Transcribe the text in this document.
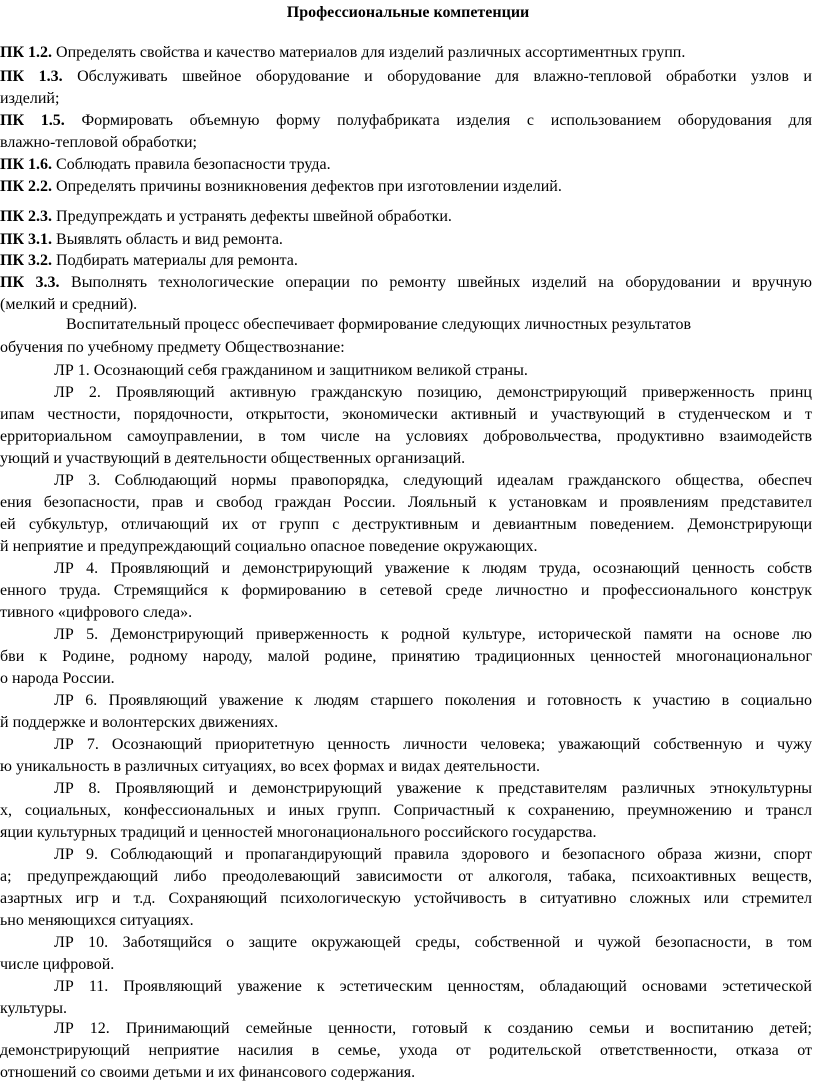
Профессиональные компетенции
ПК 1.2. Определять свойства и качество материалов для изделий различных ассортиментных групп.
ПК 1.3. Обслуживать швейное оборудование и оборудование для влажно-тепловой обработки узлов и
изделий;
ПК 1.5. Формировать объемную форму полуфабриката изделия с использованием оборудования для
влажно-тепловой обработки;
ПК 1.6. Соблюдать правила безопасности труда.
ПК 2.2. Определять причины возникновения дефектов при изготовлении изделий.
ПК 2.3. Предупреждать и устранять дефекты швейной обработки.
ПК 3.1. Выявлять область и вид ремонта.
ПК 3.2. Подбирать материалы для ремонта.
ПК 3.3. Выполнять технологические операции по ремонту швейных изделий на оборудовании и вручную
(мелкий и средний).
Воспитательный процесс обеспечивает формирование следующих личностных результатов
обучения по учебному предмету Обществознание:
ЛР 1. Осознающий себя гражданином и защитником великой страны.
ЛР 2. Проявляющий активную гражданскую позицию, демонстрирующий приверженность принц
ипам честности, порядочности, открытости, экономически активный и участвующий в студенческом и т
ерриториальном самоуправлении, в том числе на условиях добровольчества, продуктивно взаимодейств
ующий и участвующий в деятельности общественных организаций.
ЛР 3. Соблюдающий нормы правопорядка, следующий идеалам гражданского общества, обеспеч
ения безопасности, прав и свобод граждан России. Лояльный к установкам и проявлениям представител
ей субкультур, отличающий их от групп с деструктивным и девиантным поведением. Демонстрирующи
й неприятие и предупреждающий социально опасное поведение окружающих.
ЛР 4. Проявляющий и демонстрирующий уважение к людям труда, осознающий ценность собств
енного труда. Стремящийся к формированию в сетевой среде личностно и профессионального конструк
тивного «цифрового следа».
ЛР 5. Демонстрирующий приверженность к родной культуре, исторической памяти на основе лю
бви к Родине, родному народу, малой родине, принятию традиционных ценностей многонациональног
о народа России.
ЛР 6. Проявляющий уважение к людям старшего поколения и готовность к участию в социально
й поддержке и волонтерских движениях.
ЛР 7. Осознающий приоритетную ценность личности человека; уважающий собственную и чужу
ю уникальность в различных ситуациях, во всех формах и видах деятельности.
ЛР 8. Проявляющий и демонстрирующий уважение к представителям различных этнокультурны
х, социальных, конфессиональных и иных групп. Сопричастный к сохранению, преумножению и трансл
яции культурных традиций и ценностей многонационального российского государства.
ЛР 9. Соблюдающий и пропагандирующий правила здорового и безопасного образа жизни, спорт
а; предупреждающий либо преодолевающий зависимости от алкоголя, табака, психоактивных веществ,
азартных игр и т.д. Сохраняющий психологическую устойчивость в ситуативно сложных или стремител
ьно меняющихся ситуациях.
ЛР 10. Заботящийся о защите окружающей среды, собственной и чужой безопасности, в том
числе цифровой.
ЛР 11. Проявляющий уважение к эстетическим ценностям, обладающий основами эстетической
культуры.
ЛР 12. Принимающий семейные ценности, готовый к созданию семьи и воспитанию детей;
демонстрирующий неприятие насилия в семье, ухода от родительской ответственности, отказа от
отношений со своими детьми и их финансового содержания.
